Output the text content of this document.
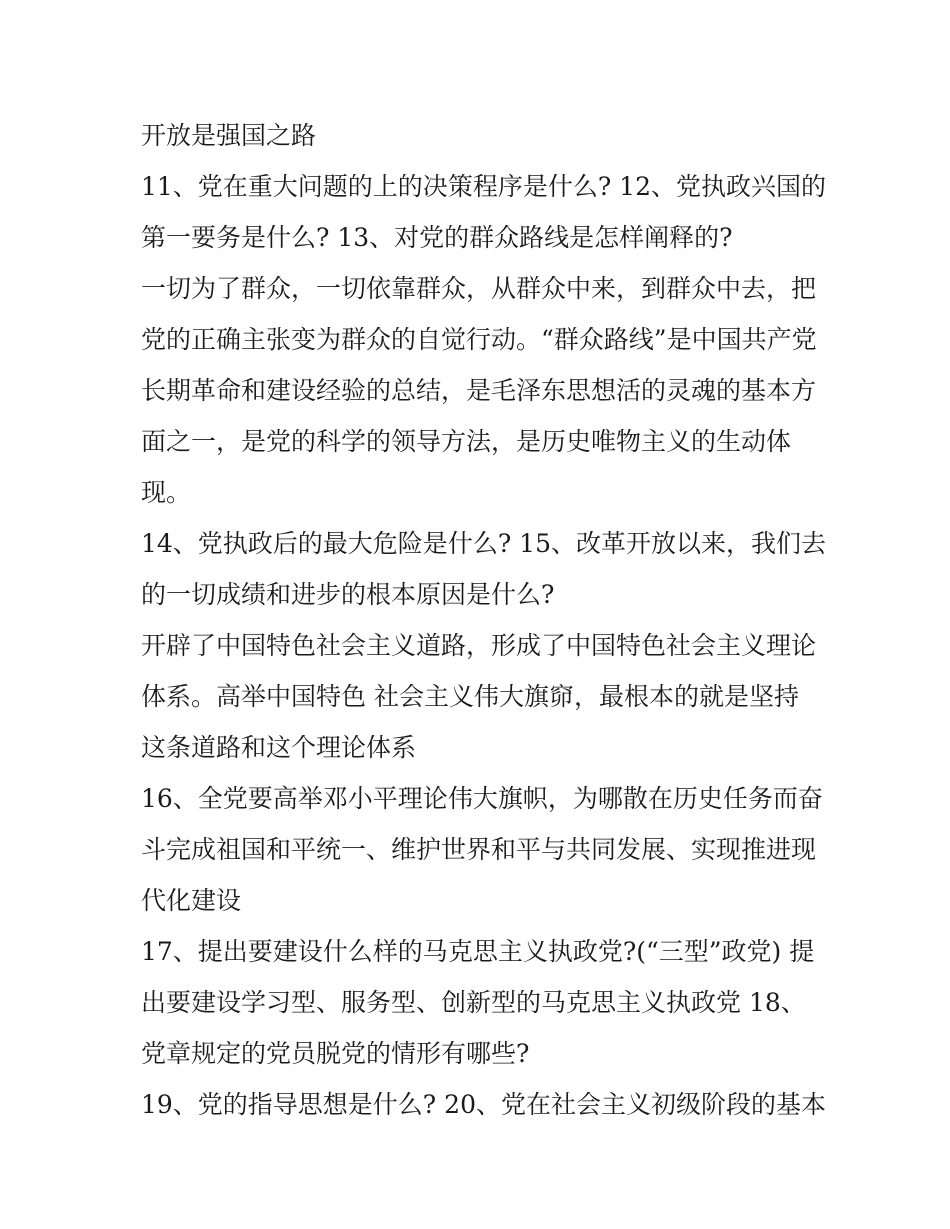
开放是强国之路
11、党在重大问题的上的决策程序是什么? 12、党执政兴国的
第一要务是什么? 13、对党的群众路线是怎样阐释的?
一切为了群众，一切依靠群众，从群众中来，到群众中去，把
党的正确主张变为群众的自觉行动。“群众路线”是中国共产党
长期革命和建设经验的总结，是毛泽东思想活的灵魂的基本方
面之一，是党的科学的领导方法，是历史唯物主义的生动体
现。
14、党执政后的最大危险是什么? 15、改革开放以来，我们去
的一切成绩和进步的根本原因是什么?
开辟了中国特色社会主义道路，形成了中国特色社会主义理论
体系。高举中国特色 社会主义伟大旗窌，最根本的就是坚持
这条道路和这个理论体系
16、全党要高举邓小平理论伟大旗帜，为哪散在历史任务而奋
斗完成祖国和平统一、维护世界和平与共同发展、实现推进现
代化建设
17、提出要建设什么样的马克思主义执政党?(“三型”政党) 提
出要建设学习型、服务型、创新型的马克思主义执政党 18、
党章规定的党员脱党的情形有哪些?
19、党的指导思想是什么? 20、党在社会主义初级阶段的基本
